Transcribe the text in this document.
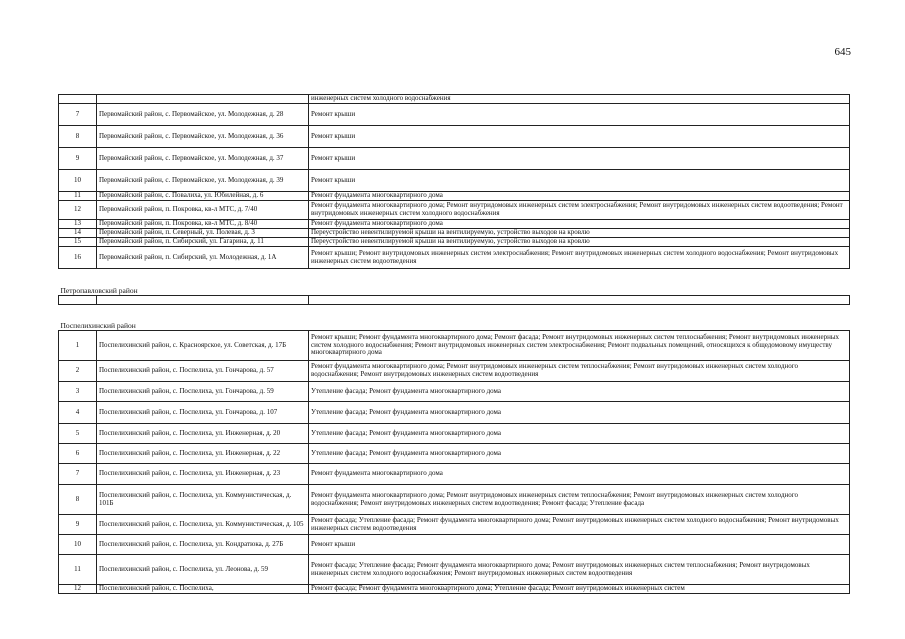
645
		инженерных систем холодного водоснабжения
7	Первомайский район, с. Первомайское, ул. Молодежная, д. 28	Ремонт крыши
8	Первомайский район, с. Первомайское, ул. Молодежная, д. 36	Ремонт крыши
9	Первомайский район, с. Первомайское, ул. Молодежная, д. 37	Ремонт крыши
10	Первомайский район, с. Первомайское, ул. Молодежная, д. 39	Ремонт крыши
11	Первомайский район, с. Повалиха, ул. Юбилейная, д. 6	Ремонт фундамента многоквартирного дома
12	Первомайский район, п. Покровка, кв-л МТС, д. 7/40	Ремонт фундамента многоквартирного дома; Ремонт внутридомовых инженерных систем электроснабжения; Ремонт внутридомовых инженерных систем водоотведения; Ремонт внутридомовых инженерных систем холодного водоснабжения
13	Первомайский район, п. Покровка, кв-л МТС, д. 8/40	Ремонт фундамента многоквартирного дома
14	Первомайский район, п. Северный, ул. Полевая, д. 3	Переустройство невентилируемой крыши на вентилируемую, устройство выходов на кровлю
15	Первомайский район, п. Сибирский, ул. Гагарина, д. 11	Переустройство невентилируемой крыши на вентилируемую, устройство выходов на кровлю
16	Первомайский район, п. Сибирский, ул. Молодежная, д. 1А	Ремонт крыши; Ремонт внутридомовых инженерных систем электроснабжения; Ремонт внутридомовых инженерных систем холодного водоснабжения; Ремонт внутридомовых инженерных систем водоотведения

Петропавловский район		

Поспелихинский район		
1	Поспелихинский район, с. Красноярское, ул. Советская, д. 17Б	Ремонт крыши; Ремонт фундамента многоквартирного дома; Ремонт фасада; Ремонт внутридомовых инженерных систем теплоснабжения; Ремонт внутридомовых инженерных систем холодного водоснабжения; Ремонт внутридомовых инженерных систем электроснабжения; Ремонт подвальных помещений, относящихся к общедомовому имуществу многоквартирного дома
2	Поспелихинский район, с. Поспелиха, ул. Гончарова, д. 57	Ремонт фундамента многоквартирного дома; Ремонт внутридомовых инженерных систем теплоснабжения; Ремонт внутридомовых инженерных систем холодного водоснабжения; Ремонт внутридомовых инженерных систем водоотведения
3	Поспелихинский район, с. Поспелиха, ул. Гончарова, д. 59	Утепление фасада; Ремонт фундамента многоквартирного дома
4	Поспелихинский район, с. Поспелиха, ул. Гончарова, д. 107	Утепление фасада; Ремонт фундамента многоквартирного дома
5	Поспелихинский район, с. Поспелиха, ул. Инженерная, д. 20	Утепление фасада; Ремонт фундамента многоквартирного дома
6	Поспелихинский район, с. Поспелиха, ул. Инженерная, д. 22	Утепление фасада; Ремонт фундамента многоквартирного дома
7	Поспелихинский район, с. Поспелиха, ул. Инженерная, д. 23	Ремонт фундамента многоквартирного дома
8	Поспелихинский район, с. Поспелиха, ул. Коммунистическая, д. 101Б	Ремонт фундамента многоквартирного дома; Ремонт внутридомовых инженерных систем теплоснабжения; Ремонт внутридомовых инженерных систем холодного водоснабжения; Ремонт внутридомовых инженерных систем водоотведения; Ремонт фасада; Утепление фасада
9	Поспелихинский район, с. Поспелиха, ул. Коммунистическая, д. 105	Ремонт фасада; Утепление фасада; Ремонт фундамента многоквартирного дома; Ремонт внутридомовых инженерных систем холодного водоснабжения; Ремонт внутридомовых инженерных систем водоотведения
10	Поспелихинский район, с. Поспелиха, ул. Кондратюка, д. 27Б	Ремонт крыши
11	Поспелихинский район, с. Поспелиха, ул. Леонова, д. 59	Ремонт фасада; Утепление фасада; Ремонт фундамента многоквартирного дома; Ремонт внутридомовых инженерных систем теплоснабжения; Ремонт внутридомовых инженерных систем холодного водоснабжения; Ремонт внутридомовых инженерных систем водоотведения
12	Поспелихинский район, с. Поспелиха,	Ремонт фасада; Ремонт фундамента многоквартирного дома; Утепление фасада; Ремонт внутридомовых инженерных систем
